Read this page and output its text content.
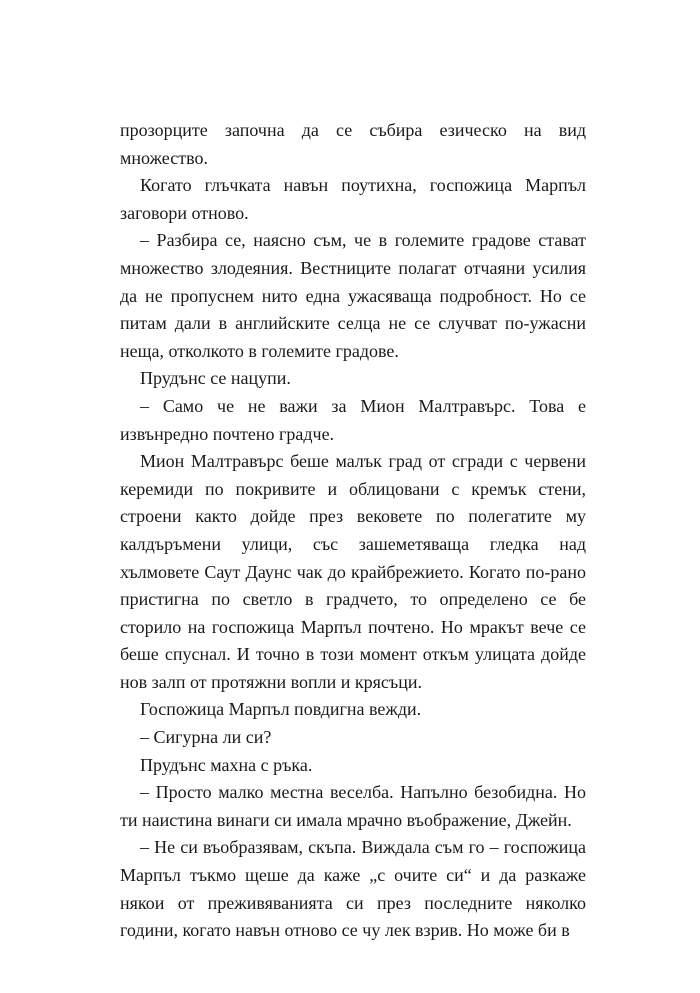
прозорците започна да се събира езическо на вид множество.

Когато глъчката навън поутихна, госпожица Марпъл заговори отново.

– Разбира се, наясно съм, че в големите градове стават множество злодеяния. Вестниците полагат отчаяни усилия да не пропуснем нито една ужасяваща подробност. Но се питам дали в английските селца не се случват по-ужасни неща, отколкото в големите градове.

Прудънс се нацупи.

– Само че не важи за Мион Малтравърс. Това е извънредно почтено градче.

Мион Малтравърс беше малък град от сгради с червени керемиди по покривите и облицовани с кремък стени, строени както дойде през вековете по полегатите му калдъръмени улици, със зашеметяваща гледка над хълмовете Саут Даунс чак до крайбрежието. Когато по-рано пристигна по светло в градчето, то определено се бе сторило на госпожица Марпъл почтено. Но мракът вече се беше спуснал. И точно в този момент откъм улицата дойде нов залп от протяжни вопли и крясъци.

Госпожица Марпъл повдигна вежди.

– Сигурна ли си?

Прудънс махна с ръка.

– Просто малко местна веселба. Напълно безобидна. Но ти наистина винаги си имала мрачно въображение, Джейн.

– Не си въобразявам, скъпа. Виждала съм го – госпожица Марпъл тъкмо щеше да каже „с очите си“ и да разкаже някои от преживяванията си през последните няколко години, когато навън отново се чу лек взрив. Но може би в
